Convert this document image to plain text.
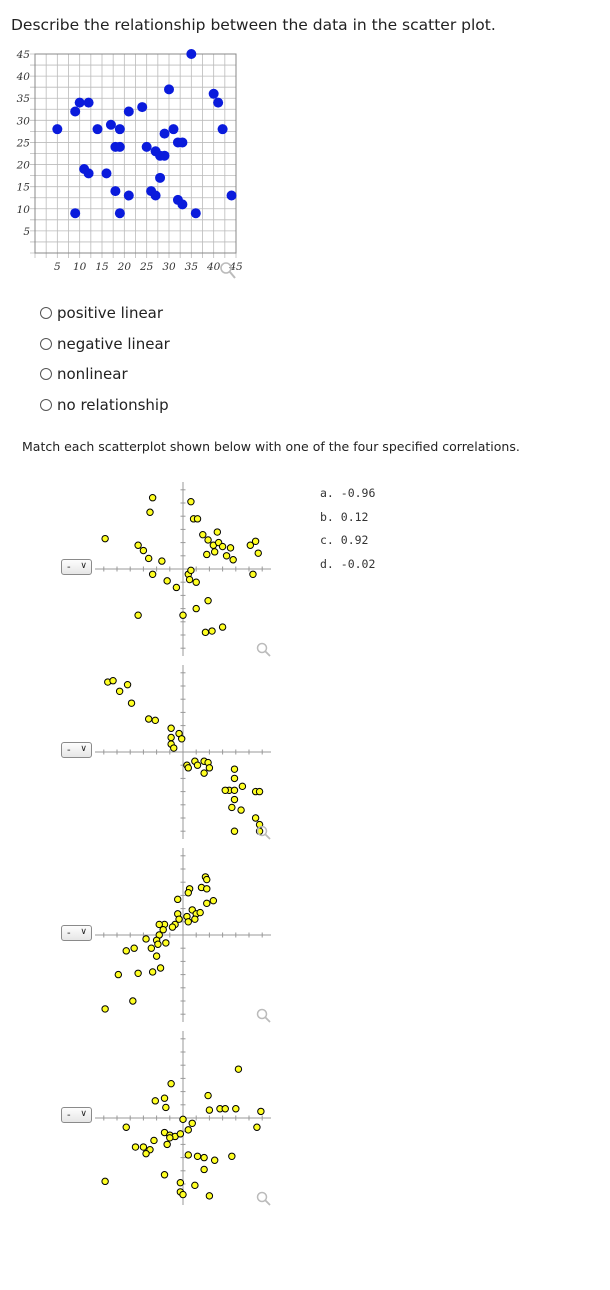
Describe the relationship between the data in the scatter plot.
5 10 15 20 25 30 35 40 45
5
10
15
20
25
30
35
40
45
positive linear
negative linear
nonlinear
no relationship
Match each scatterplot shown below with one of the four specified correlations.
a. -0.96
b. 0.12
c. 0.92
d. -0.02
- ∨
- ∨
- ∨
- ∨
